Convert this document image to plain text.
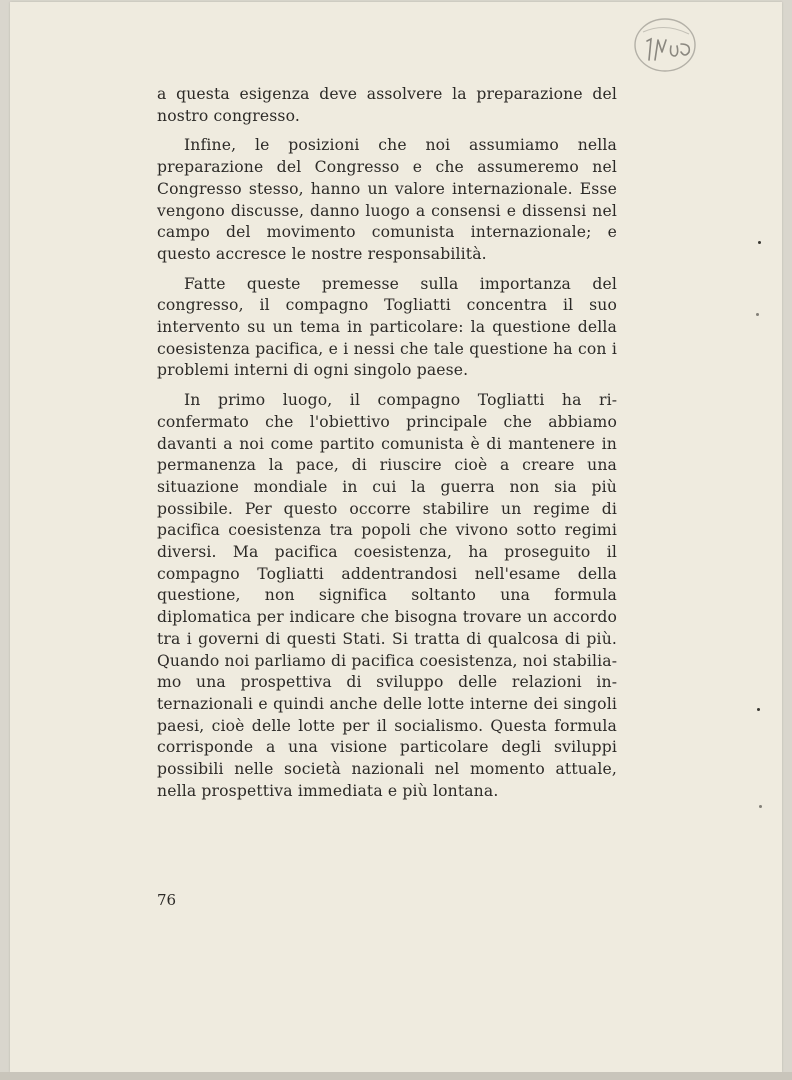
a questa esigenza deve assolvere la preparazione del nostro congresso.

Infine, le posizioni che noi assumiamo nella preparazione del Congresso e che assumeremo nel Congresso stesso, hanno un valore internazionale. Esse vengono discusse, danno luogo a consensi e dissensi nel campo del movimento comunista internazionale; e questo accresce le nostre responsabilità.

Fatte queste premesse sulla importanza del congresso, il compagno Togliatti concentra il suo intervento su un tema in particolare: la questione della coesistenza pacifica, e i nessi che tale questione ha con i problemi interni di ogni singolo paese.

In primo luogo, il compagno Togliatti ha riconfermato che l'obiettivo principale che abbiamo davanti a noi come partito comunista è di mantenere in permanenza la pace, di riuscire cioè a creare una situazione mondiale in cui la guerra non sia più possibile. Per questo occorre stabilire un regime di pacifica coesistenza tra popoli che vivono sotto regimi diversi. Ma pacifica coesistenza, ha proseguito il compagno Togliatti addentrandosi nell'esame della questione, non significa soltanto una formula diplomatica per indicare che bisogna trovare un accordo tra i governi di questi Stati. Si tratta di qualcosa di più. Quando noi parliamo di pacifica coesistenza, noi stabiliamo una prospettiva di sviluppo delle relazioni internazionali e quindi anche delle lotte interne dei singoli paesi, cioè delle lotte per il socialismo. Questa formula corrisponde a una visione particolare degli sviluppi possibili nelle società nazionali nel momento attuale, nella prospettiva immediata e più lontana.

76
